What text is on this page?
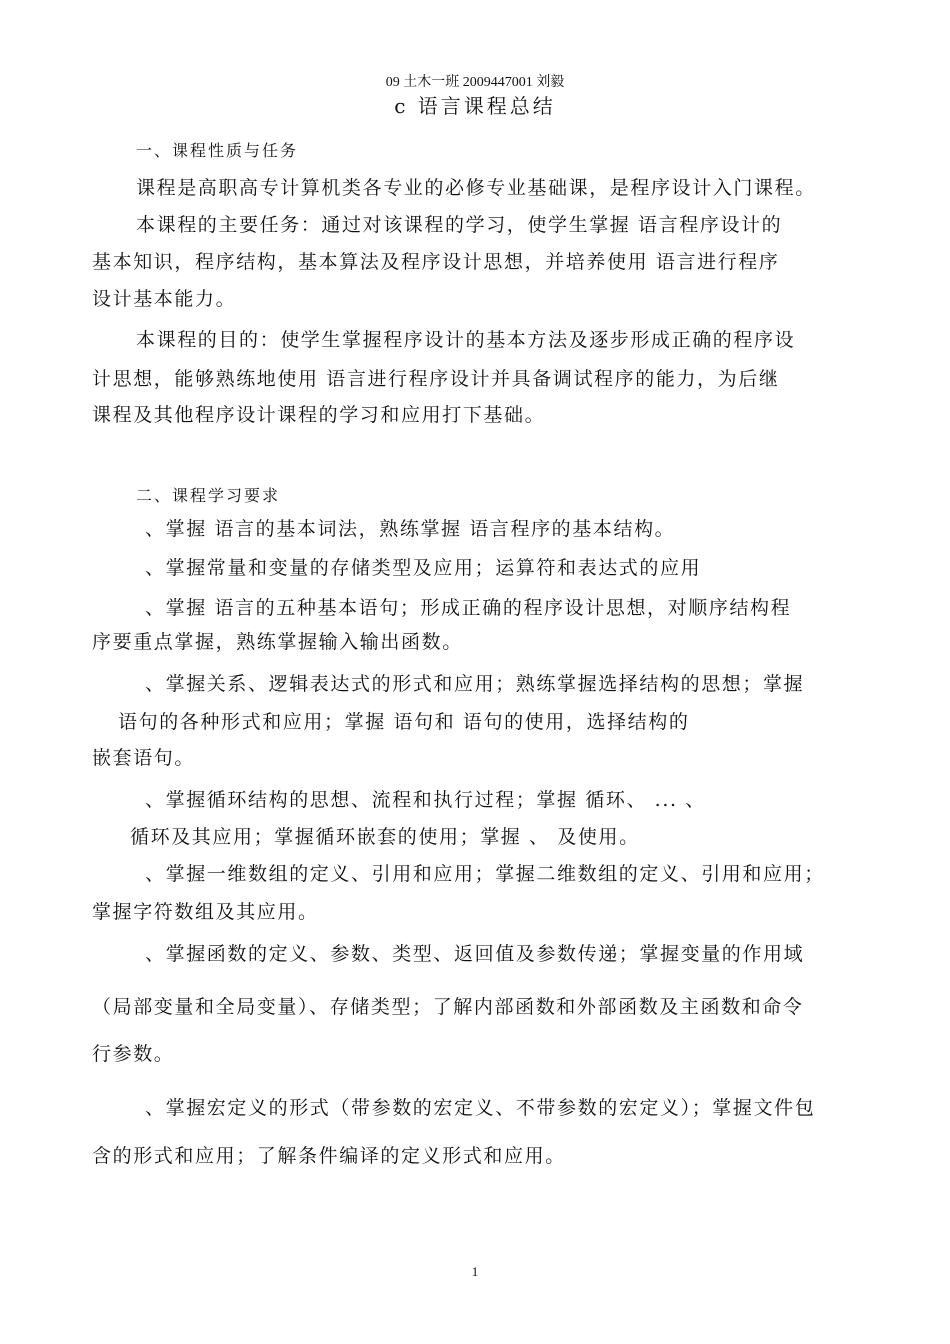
09 土木一班 2009447001 刘毅
c 语言课程总结
一、课程性质与任务
课程是高职高专计算机类各专业的必修专业基础课，是程序设计入门课程。
本课程的主要任务：通过对该课程的学习，使学生掌握 语言程序设计的
基本知识，程序结构，基本算法及程序设计思想，并培养使用 语言进行程序
设计基本能力。
本课程的目的：使学生掌握程序设计的基本方法及逐步形成正确的程序设
计思想，能够熟练地使用 语言进行程序设计并具备调试程序的能力，为后继
课程及其他程序设计课程的学习和应用打下基础。
二、课程学习要求
、掌握 语言的基本词法，熟练掌握 语言程序的基本结构。
、掌握常量和变量的存储类型及应用；运算符和表达式的应用
、掌握 语言的五种基本语句；形成正确的程序设计思想，对顺序结构程
序要重点掌握，熟练掌握输入输出函数。
、掌握关系、逻辑表达式的形式和应用；熟练掌握选择结构的思想；掌握
语句的各种形式和应用；掌握 语句和 语句的使用，选择结构的
嵌套语句。
、掌握循环结构的思想、流程和执行过程；掌握 循环、 ... 、
循环及其应用；掌握循环嵌套的使用；掌握 、 及使用。
、掌握一维数组的定义、引用和应用；掌握二维数组的定义、引用和应用；
掌握字符数组及其应用。
、掌握函数的定义、参数、类型、返回值及参数传递；掌握变量的作用域
（局部变量和全局变量）、存储类型；了解内部函数和外部函数及主函数和命令
行参数。
、掌握宏定义的形式（带参数的宏定义、不带参数的宏定义）；掌握文件包
含的形式和应用；了解条件编译的定义形式和应用。
1
